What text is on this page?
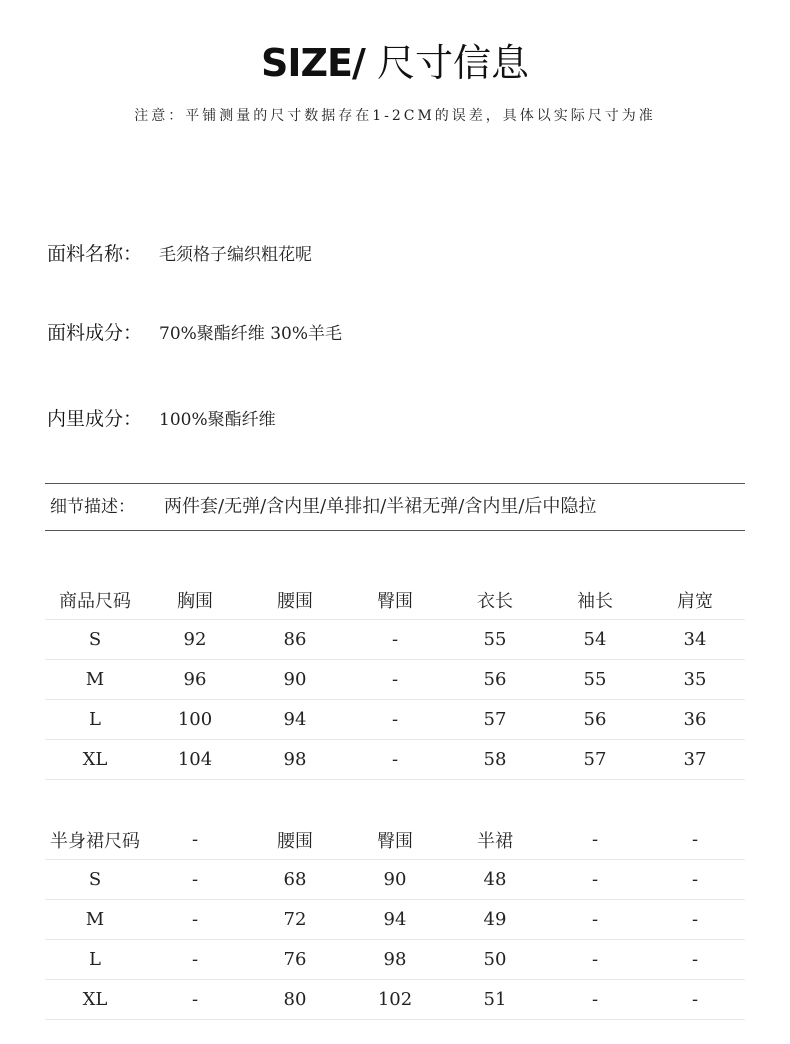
SIZE/ 尺寸信息
注意：平铺测量的尺寸数据存在1-2CM的误差，具体以实际尺寸为准
面料名称： 毛须格子编织粗花呢
面料成分： 70%聚酯纤维 30%羊毛
内里成分： 100%聚酯纤维
细节描述： 两件套/无弹/含内里/单排扣/半裙无弹/含内里/后中隐拉
商品尺码	胸围	腰围	臀围	衣长	袖长	肩宽
S	92	86	-	55	54	34
M	96	90	-	56	55	35
L	100	94	-	57	56	36
XL	104	98	-	58	57	37
半身裙尺码	-	腰围	臀围	半裙	-	-
S	-	68	90	48	-	-
M	-	72	94	49	-	-
L	-	76	98	50	-	-
XL	-	80	102	51	-	-
